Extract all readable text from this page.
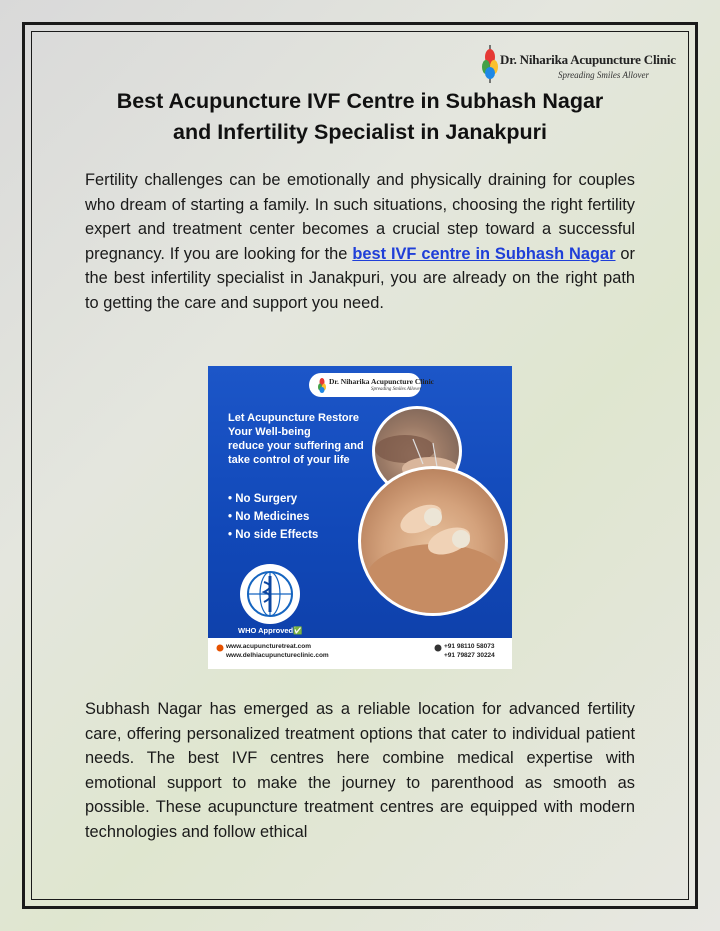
Dr. Niharika Acupuncture Clinic
Spreading Smiles Allover
Best Acupuncture IVF Centre in Subhash Nagar
and Infertility Specialist in Janakpuri
Fertility challenges can be emotionally and physically draining for couples who dream of starting a family. In such situations, choosing the right fertility expert and treatment center becomes a crucial step toward a successful pregnancy. If you are looking for the best IVF centre in Subhash Nagar or the best infertility specialist in Janakpuri, you are already on the right path to getting the care and support you need.
Dr. Niharika Acupuncture Clinic
Spreading Smiles Allover
Let Acupuncture Restore
Your Well-being
reduce your suffering and
take control of your life
• No Surgery
• No Medicines
• No side Effects
WHO Approved✅
www.acupuncturetreat.com
www.delhiacupunctureclinic.com
+91 98110 58073
+91 79827 30224
Subhash Nagar has emerged as a reliable location for advanced fertility care, offering personalized treatment options that cater to individual patient needs. The best IVF centres here combine medical expertise with emotional support to make the journey to parenthood as smooth as possible. These acupuncture treatment centres are equipped with modern technologies and follow ethical
